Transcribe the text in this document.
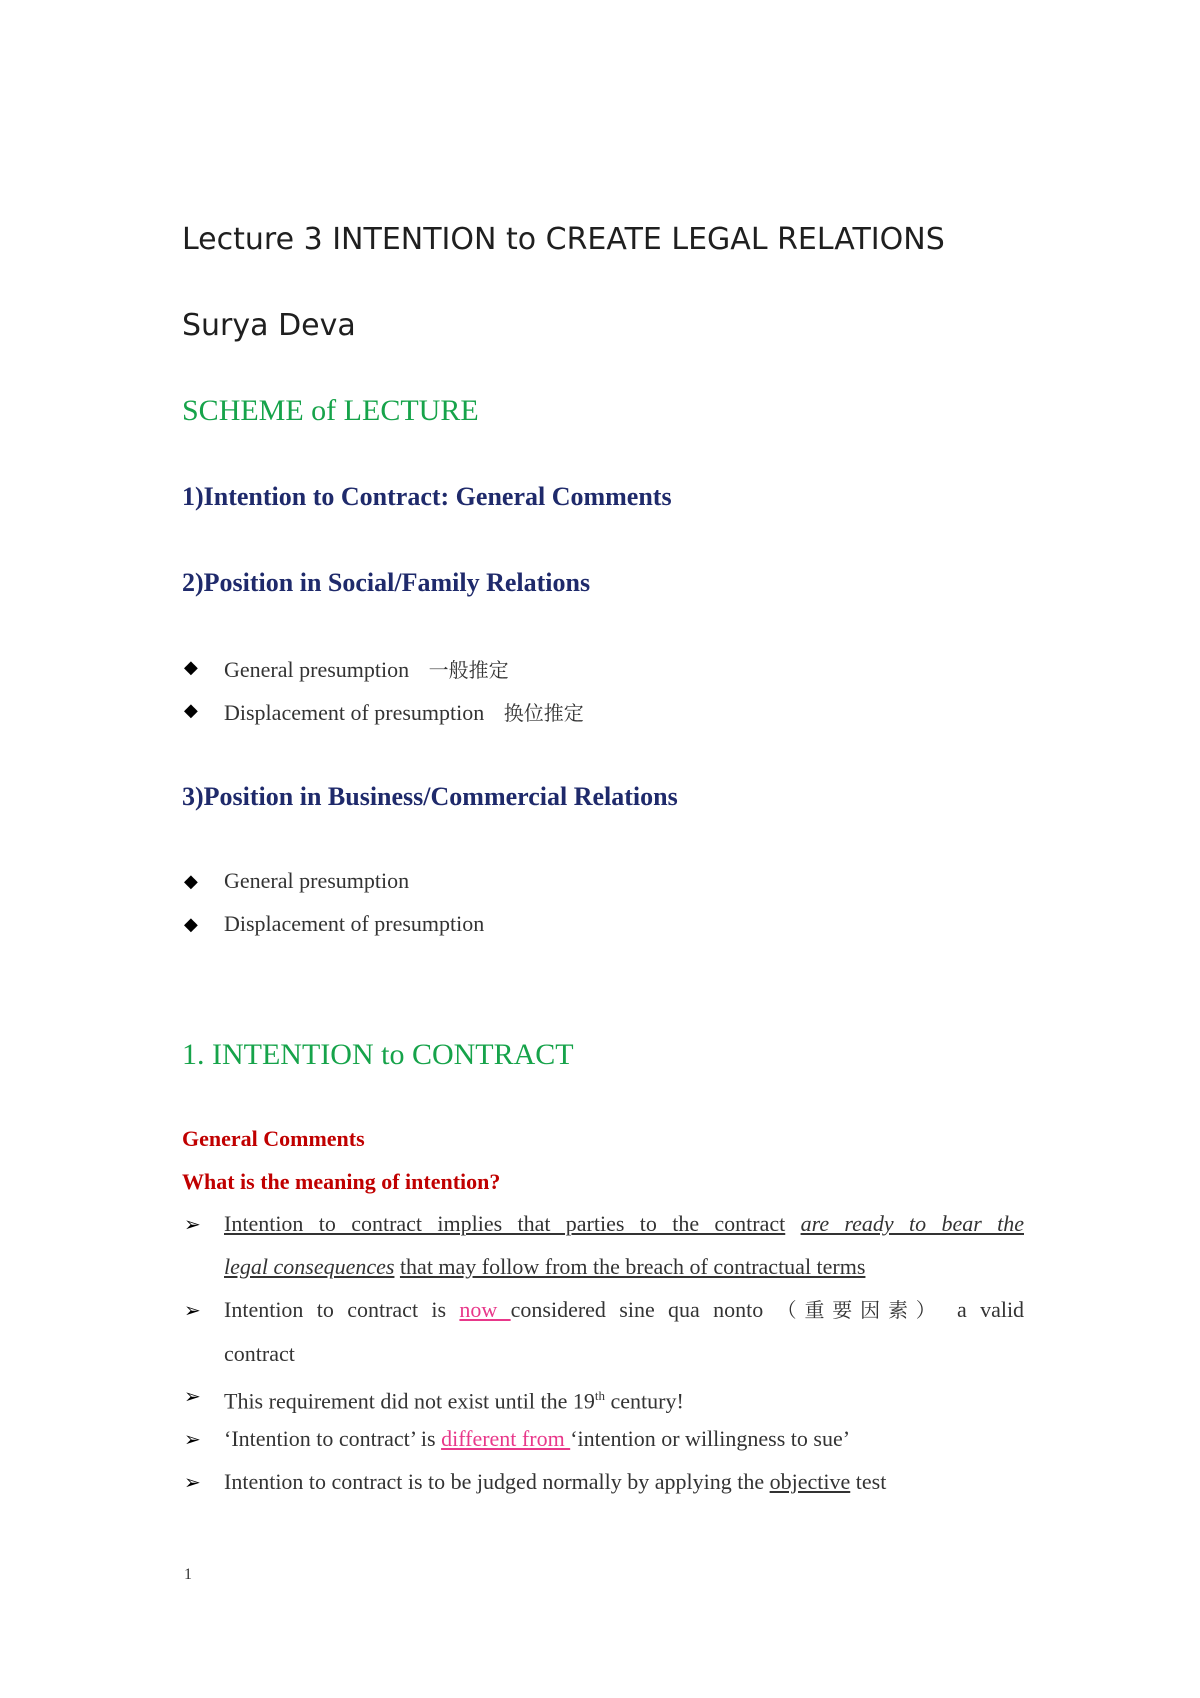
Lecture 3 INTENTION to CREATE LEGAL RELATIONS
Surya Deva
SCHEME of LECTURE
1)Intention to Contract: General Comments
2)Position in Social/Family Relations
◆ General presumption 一般推定
◆ Displacement of presumption 换位推定
3)Position in Business/Commercial Relations
◆ General presumption
◆ Displacement of presumption
1. INTENTION to CONTRACT
General Comments
What is the meaning of intention?
➢ Intention to contract implies that parties to the contract are ready to bear the
legal consequences that may follow from the breach of contractual terms
➢ Intention to contract is now considered sine qua nonto （重要因素） a valid
contract
➢ This requirement did not exist until the 19th century!
➢ ‘Intention to contract’ is different from ‘intention or willingness to sue’
➢ Intention to contract is to be judged normally by applying the objective test
1
